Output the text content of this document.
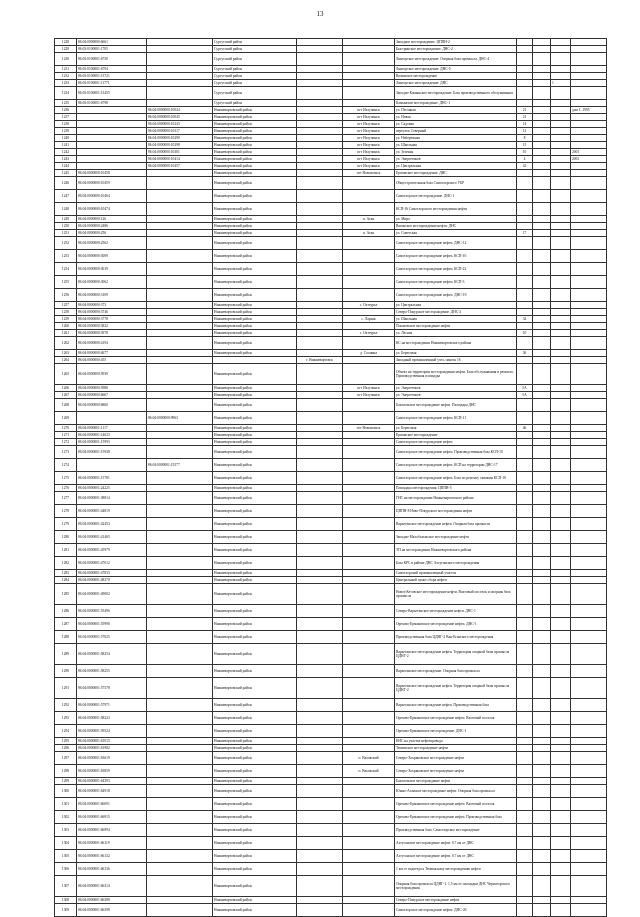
13
1228	86:04:0000000:6661		Сургутский район			Западное месторождение. ЦППН-2				
1229	86:03:0100001:1705		Сургутский район			Быстринское месторождение. ДНС-2				
1230	86:03:0100001:6750		Сургутский район			Лянторское месторождение. Опорная база промысла. ДНС-4				
1231	86:03:0100001:6794		Сургутский район			Лянторское месторождение. ДНС-5				
1232	86:03:0100001:13721		Сургутский район			Вачимское месторождение				
1233	86:03:0100001:11771		Сургутский район			Лянторское месторождение. ДНС			1	
1234	86:03:0100001:13455		Сургутский район			Западно-Камынское месторождение. База производственного обслуживания				
1235	86:03:0100001:6798		Сургутский район			Камынское месторождение. ДНС-1				
1236		86:04:0000000:10044	Нижневартовский район		пгт Излучинск	ул. Песчаная	21			дом 1. 1995
1237		86:04:0000000:10045	Нижневартовский район		пгт Излучинск	ул. Новая	21			
1238		86:04:0000000:10243	Нижневартовский район		пгт Излучинск	ул. Садовая	14			
1239		86:04:0000000:10317	Нижневартовский район		пгт Излучинск	переулок Северный	12			
1240		86:04:0000000:10290	Нижневартовский район		пгт Излучинск	ул. Набережная	8			
1241		86:04:0000000:10298	Нижневартовский район		пгт Излучинск	ул. Школьная	15			
1242		86:04:0000000:10301	Нижневартовский район		пгт Излучинск	ул. Зеленая	10			2001
1243		86:04:0000000:10414	Нижневартовский район		пгт Излучинск	ул. Энергетиков	4			2001
1244		86:04:0000000:10457	Нижневартовский район		пгт Излучинск	ул. Центральная	42			
1245	86:04:0000000:10458		Нижневартовский район		пгт Новоаганск	Ершовское месторождение. ДНС				
1246	86:04:0000000:10459		Нижневартовский район			Общестроительная база Самотлорского УБР				
1247	86:04:0000000:10464		Нижневартовский район			Самотлорское месторождение. ДНС-1				
1248	86:04:0000000:10474		Нижневартовский район			КСП-16 Самотлорского месторождения нефти				
1249	86:04:0000000:126		Нижневартовский район		п. Аган	ул. Мира				
1250	86:04:0000000:2486		Нижневартовский район			Ватинское месторождение нефти. ДНС				
1251	86:04:0000000:256		Нижневартовский район		п. Аган	ул. Советская	17			
1252	86:04:0000000:2562		Нижневартовский район			Самотлорское месторождение нефти. ДНС-12				
1253	86:04:0000000:3009		Нижневартовский район			Самотлорское месторождение нефти. КСП-10				
1254	86:04:0000000:3019		Нижневартовский район			Самотлорское месторождение нефти. КСП-22				
1255	86:04:0000000:3062		Нижневартовский район			Самотлорское месторождение нефти. КСП-3				
1256	86:04:0000000:3109		Нижневартовский район			Самотлорское месторождение нефти. ДНС-19				
1257	86:04:0000000:373		Нижневартовский район		с. Охтеурье	ул. Центральная				
1258	86:04:0000000:3746		Нижневартовский район			Северо-Покурское месторождение. ДНС-2				
1259	86:04:0000000:3778		Нижневартовский район		с. Ларьяк	ул. Школьная	32			
1260	86:04:0000000:3822		Нижневартовский район			Покачевское месторождение нефти				
1261	86:04:0000000:3978		Нижневартовский район		с. Охтеурье	ул. Лесная	10			
1262	86:04:0000000:4194		Нижневартовский район			КС на месторождении Нижневартовского района				
1263	86:04:0000000:4677		Нижневартовский район		д. Соснина	ул. Береговая	36			
1264	86:04:0000000:455			г. Нижневартовск		Западный промышленный узел, панель 16				
1265	86:04:0000000:5939		Нижневартовский район			Объект на территории месторождения нефти. База обслуживания и ремонта. Производственная площадка				
1266	86:04:0000000:5986		Нижневартовский район		пгт Излучинск	ул. Энергетиков	5А			
1267	86:04:0000000:6667		Нижневартовский район		пгт Излучинск	ул. Энергетиков	5А			
1268	86:04:0000000:6860		Нижневартовский район			Бахиловское месторождение нефти. Площадка ДНС				
1269		86:04:0000000:9963	Нижневартовский район			Самотлорское месторождение нефти. КСП-11				
1270	86:04:0000001:1117		Нижневартовский район		пгт Новоаганск	ул. Береговая	46			
1271	86:04:0000001:14023		Нижневартовский район			Ершовское месторождение				
1272	86:04:0000001:15993		Нижневартовский район			Самотлорское месторождение нефти				
1273	86:04:0000001:15938		Нижневартовский район			Самотлорское месторождение нефти. Производственная база КСП-10				
1274		86:04:0000001:15577	Нижневартовский район			Самотлорское месторождение нефти. КСП на территории ДНС-17				
1275	86:04:0000001:15781		Нижневартовский район			Самотлорское месторождение нефти. База по ремонту скважин КСП-10				
1276	86:04:0000001:24225		Нижневартовский район			Площадка месторождения. ЦППН-5				
1277	86:04:0000001:38814		Нижневартовский район			ГНС на месторождении Нижневартовского района				
1278	86:04:0000001:44819		Нижневартовский район			ЦППН-8 Ново-Покурского месторождения нефти				
1279	86:04:0000001:42453		Нижневартовский район			Варьеганское месторождение нефти. Опорная база промысла				
1280	86:04:0000001:41465		Нижневартовский район			Западно-Малобалыкское месторождение нефти				
1281	86:04:0000001:45979		Нижневартовский район			ТП на месторождении Нижневартовского района				
1282	86:04:0000001:47012		Нижневартовский район			База КРС в районе ДНС Ахтуганского месторождения				
1283	86:04:0000001:47833		Нижневартовский район			Самотлорский промышленный участок				
1284	86:04:0000001:48370		Нижневартовский район			Центральный пункт сбора нефти				
1285	86:04:0000001:49002		Нижневартовский район			Новое Кетовское месторождение нефти. Вахтовый поселок и опорная база промысла				
1286	86:04:0000001:55496		Нижневартовский район			Северо-Варьеганское месторождение нефти. ДНС-1				
1287	86:04:0000001:55990		Нижневартовский район			Орехово-Ермаковское месторождение нефти. ДНС-1				
1288	86:04:0000001:57025		Нижневартовский район			Производственная база ЦДНГ-2 Ван-Еганского месторождения				
1289	86:04:0000001:58254		Нижневартовский район			Варьеганское месторождение нефти. Территория опорной базы промысла ЦДНГ-2				
1290	86:04:0000001:58255		Нижневартовский район			Варьеганское месторождение. Опорная база промысла				
1291	86:04:0000001:57578		Нижневартовский район			Варьеганское месторождение нефти. Территория опорной базы промысла ЦДНГ-2				
1292	86:04:0000001:57971		Нижневартовский район			Варьеганское месторождение нефти. Производственная база				
1293	86:04:0000001:58223		Нижневартовский район			Орехово-Ермаковское месторождение нефти. Вахтовый поселок				
1294	86:04:0000001:59524		Нижневартовский район			Орехово-Ермаковское месторождение. ДНС-1				
1295	86:04:0000001:61015		Нижневартовский район			КНС на участке нефтепровода				
1296	86:04:0000001:61982		Нижневартовский район			Тюменское месторождение нефти				
1297	86:04:0000001:63619		Нижневартовский район		п. Ваховский	Северо-Хохряковское месторождение нефти				
1298	86:04:0000001:63859		Нижневартовский район		п. Ваховский	Северо-Хохряковское месторождение нефти				
1299	86:04:0000001:64393		Нижневартовский район			Бахиловское месторождение нефти				
1300	86:04:0000001:64918		Нижневартовский район			Южно-Аганское месторождение нефти. Опорная база промысла				
1301	86:04:0000001:66091		Нижневартовский район			Орехово-Ермаковское месторождение нефти. Вахтовый поселок				
1302	86:04:0000001:66915		Нижневартовский район			Орехово-Ермаковское месторождение нефти. Производственная база				
1303	86:04:0000001:66994		Нижневартовский район			Производственная база. Самотлорское месторождение				
1304	86:04:0000001:66119		Нижневартовский район			Ахтуганское месторождение нефти. 0.7 км от ДНС				
1305	86:04:0000001:66132		Нижневартовский район			Ахтуганское месторождение нефти. 0.7 км от ДНС				
1306	86:04:0000001:66136		Нижневартовский район			1 км от подъезда к Тюменскому месторождению нефти				
1307	86:04:0000001:66314		Нижневартовский район			Опорная база промысла ЦДНГ-1. 1,5 км от площадки ДНС Черногорского месторождения				
1308	86:04:0000001:66388		Нижневартовский район			Северо-Покурское месторождение нефти				
1309	86:04:0000001:66398		Нижневартовский район			Самотлорское месторождение нефти. ДНС-20				
